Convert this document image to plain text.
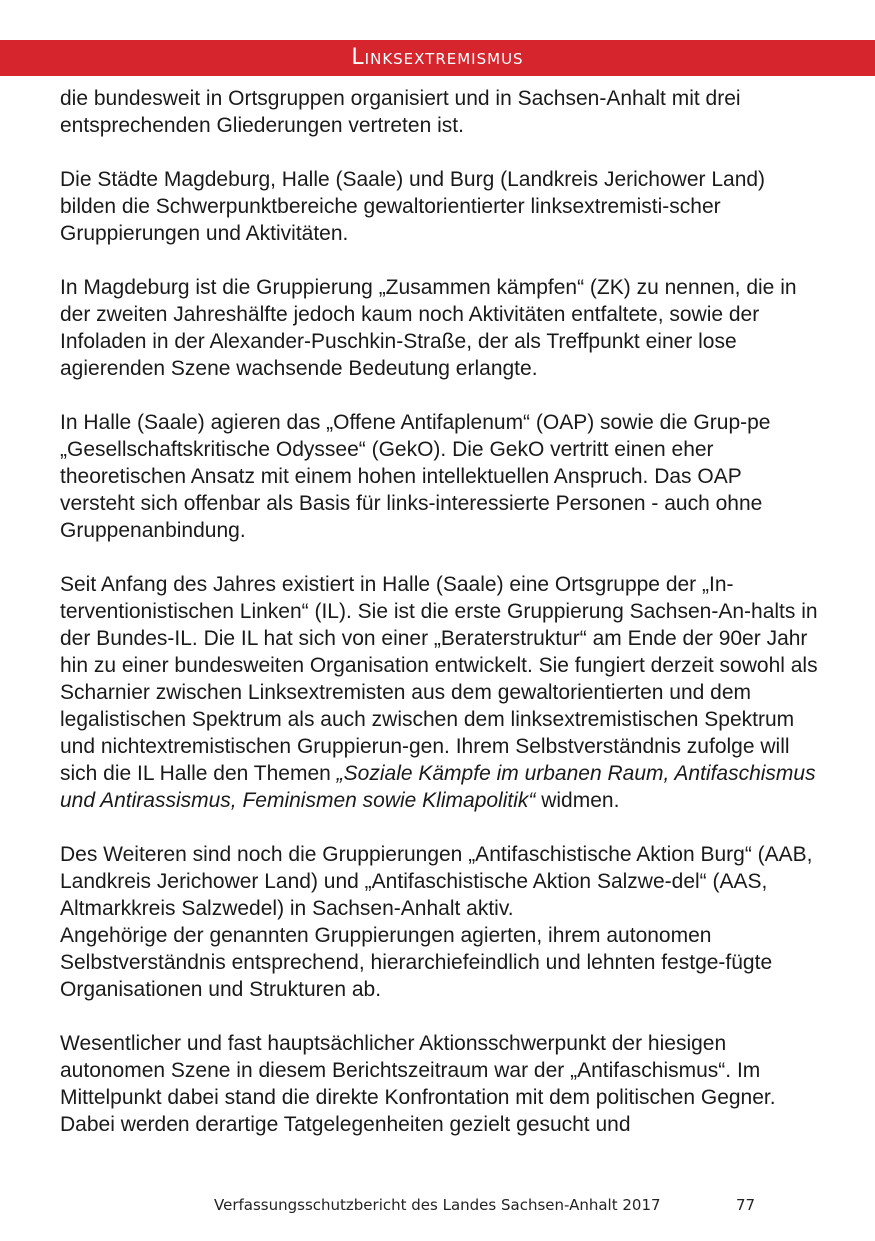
Linksextremismus

die bundesweit in Ortsgruppen organisiert und in Sachsen-Anhalt mit drei entsprechenden Gliederungen vertreten ist.

Die Städte Magdeburg, Halle (Saale) und Burg (Landkreis Jerichower Land) bilden die Schwerpunktbereiche gewaltorientierter linksextremisti-scher Gruppierungen und Aktivitäten.

In Magdeburg ist die Gruppierung „Zusammen kämpfen“ (ZK) zu nennen, die in der zweiten Jahreshälfte jedoch kaum noch Aktivitäten entfaltete, sowie der Infoladen in der Alexander-Puschkin-Straße, der als Treffpunkt einer lose agierenden Szene wachsende Bedeutung erlangte.

In Halle (Saale) agieren das „Offene Antifaplenum“ (OAP) sowie die Grup-pe „Gesellschaftskritische Odyssee“ (GekO). Die GekO vertritt einen eher theoretischen Ansatz mit einem hohen intellektuellen Anspruch. Das OAP versteht sich offenbar als Basis für links-interessierte Personen - auch ohne Gruppenanbindung.

Seit Anfang des Jahres existiert in Halle (Saale) eine Ortsgruppe der „In-terventionistischen Linken“ (IL). Sie ist die erste Gruppierung Sachsen-An-halts in der Bundes-IL. Die IL hat sich von einer „Beraterstruktur“ am Ende der 90er Jahr hin zu einer bundesweiten Organisation entwickelt. Sie fungiert derzeit sowohl als Scharnier zwischen Linksextremisten aus dem gewaltorientierten und dem legalistischen Spektrum als auch zwischen dem linksextremistischen Spektrum und nichtextremistischen Gruppierun-gen. Ihrem Selbstverständnis zufolge will sich die IL Halle den Themen „Soziale Kämpfe im urbanen Raum, Antifaschismus und Antirassismus, Feminismen sowie Klimapolitik“ widmen.

Des Weiteren sind noch die Gruppierungen „Antifaschistische Aktion Burg“ (AAB, Landkreis Jerichower Land) und „Antifaschistische Aktion Salzwe-del“ (AAS, Altmarkkreis Salzwedel) in Sachsen-Anhalt aktiv.

Angehörige der genannten Gruppierungen agierten, ihrem autonomen Selbstverständnis entsprechend, hierarchiefeindlich und lehnten festge-fügte Organisationen und Strukturen ab.

Wesentlicher und fast hauptsächlicher Aktionsschwerpunkt der hiesigen autonomen Szene in diesem Berichtszeitraum war der „Antifaschismus“. Im Mittelpunkt dabei stand die direkte Konfrontation mit dem politischen Gegner. Dabei werden derartige Tatgelegenheiten gezielt gesucht und

Verfassungsschutzbericht des Landes Sachsen-Anhalt 2017	77
